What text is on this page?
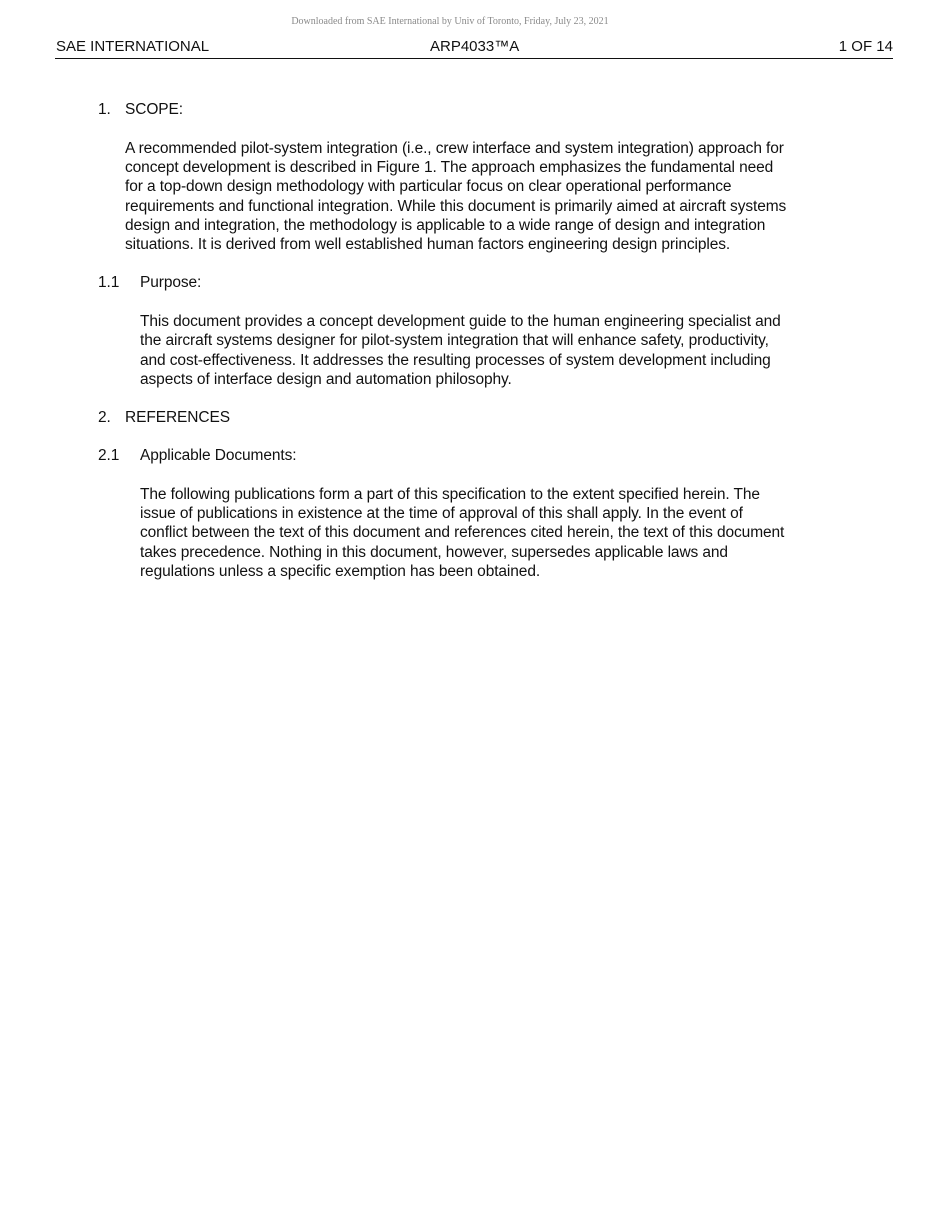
Downloaded from SAE International by Univ of Toronto, Friday, July 23, 2021
SAE INTERNATIONAL	ARP4033™A	1 OF 14
1. SCOPE:

A recommended pilot-system integration (i.e., crew interface and system integration) approach for
concept development is described in Figure 1. The approach emphasizes the fundamental need
for a top-down design methodology with particular focus on clear operational performance
requirements and functional integration. While this document is primarily aimed at aircraft systems
design and integration, the methodology is applicable to a wide range of design and integration
situations. It is derived from well established human factors engineering design principles.

1.1 Purpose:

This document provides a concept development guide to the human engineering specialist and
the aircraft systems designer for pilot-system integration that will enhance safety, productivity,
and cost-effectiveness. It addresses the resulting processes of system development including
aspects of interface design and automation philosophy.

2. REFERENCES
2.1 Applicable Documents:

The following publications form a part of this specification to the extent specified herein. The
issue of publications in existence at the time of approval of this shall apply. In the event of
conflict between the text of this document and references cited herein, the text of this document
takes precedence. Nothing in this document, however, supersedes applicable laws and
regulations unless a specific exemption has been obtained.
